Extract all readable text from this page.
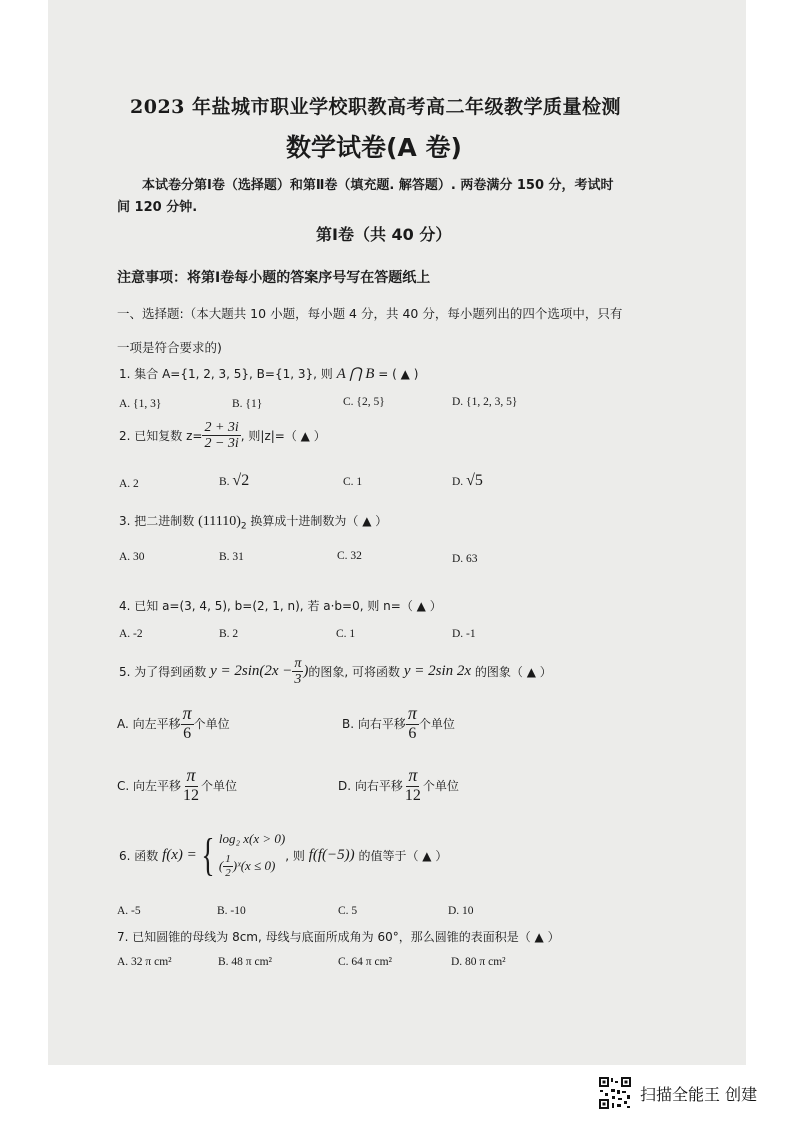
2023 年盐城市职业学校职教高考高二年级教学质量检测
数学试卷(A 卷)
本试卷分第Ⅰ卷（选择题）和第Ⅱ卷（填充题. 解答题）. 两卷满分 150 分，考试时
间 120 分钟.
第Ⅰ卷（共 40 分）
注意事项：将第Ⅰ卷每小题的答案序号写在答题纸上
一、选择题:（本大题共 10 小题，每小题 4 分，共 40 分，每小题列出的四个选项中，只有
一项是符合要求的)
1. 集合 A={1, 2, 3, 5}, B={1, 3}, 则 A ⋂ B = ( ▲ )
A. {1, 3}	B. {1}	C. {2, 5}	D. {1, 2, 3, 5}
2. 已知复数 $z= \frac{2 + 3i}{2 - 3i}$ , 则|z|=（ ▲ ）
A. 2	B. √2	C. 1	D. √5
3. 把二进制数 $(11110)_2$ 换算成十进制数为（ ▲ ）
A. 30	B. 31	C. 32	D. 63
4. 已知 a=(3, 4, 5), b=(2, 1, n), 若 a·b=0, 则 n=（ ▲ ）
A. -2	B. 2	C. 1	D. -1
5. 为了得到函数
$y = 2\sin(2x - \frac{\pi}{3}$ ) 的图象, 可将函数
y = 2sin 2x
的图象（ ▲ ）
A. 向左平移 $\frac{\pi}{6}$ 个单位	B. 向右平移 $\frac{\pi}{6}$ 个单位
C. 向左平移 $\frac{\pi}{12}$ 个单位	D. 向右平移 $\frac{\pi}{12}$ 个单位
6. 函数
f(x) = { log₂ x(x > 0)
( $\frac{1}{2}$ ) ˣ(x ≤ 0)
, 则
f(f(−5))
的值等于（ ▲ ）
A. -5	B. -10	C. 5	D. 10
7. 已知圆锥的母线为 8cm, 母线与底面所成角为 60°，那么圆锥的表面积是（ ▲ ）
A. 32 π cm²	B. 48 π cm²	C. 64 π cm²	D. 80 π cm²
扫描全能王 创建
